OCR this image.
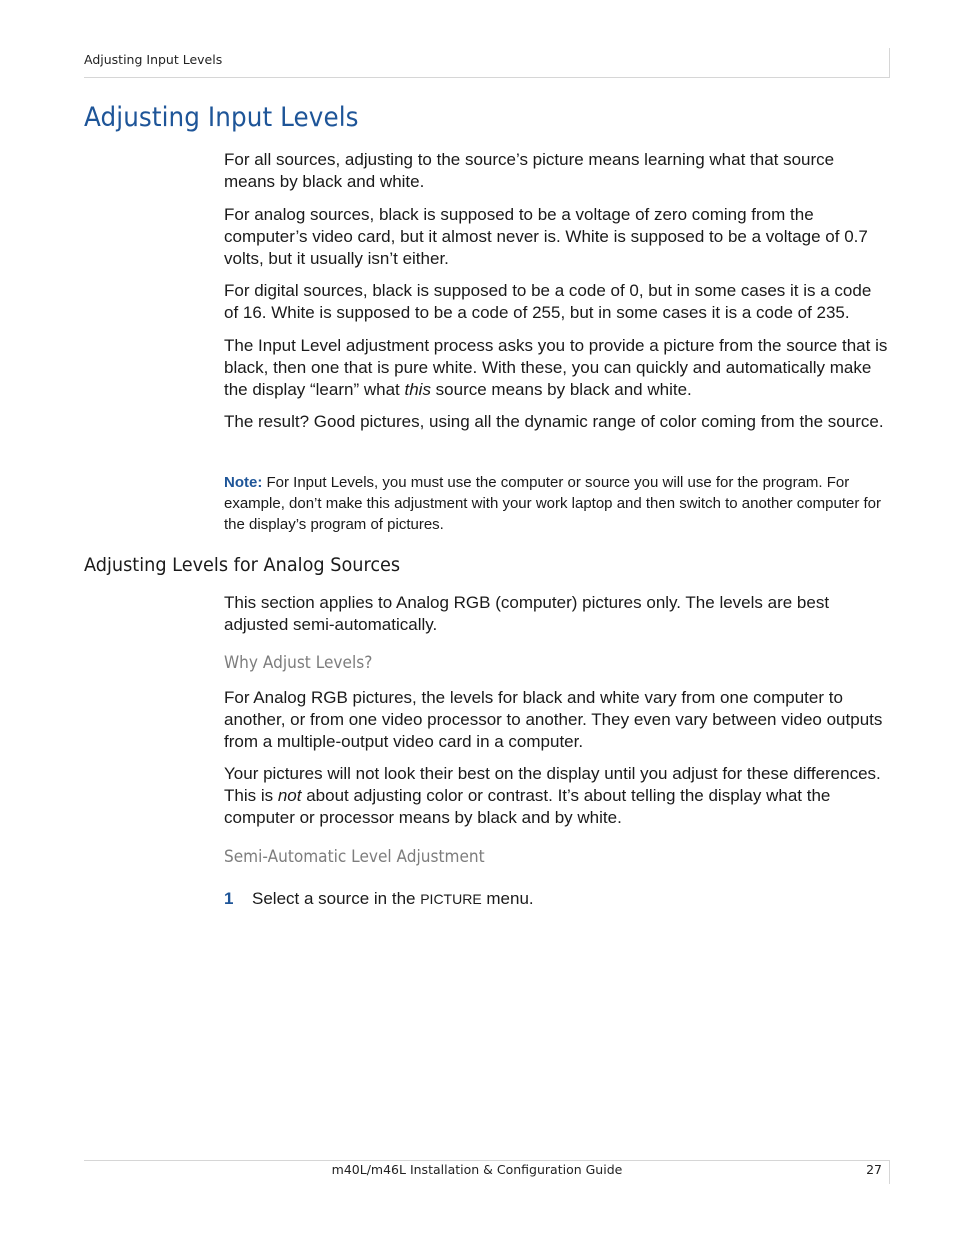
Adjusting Input Levels
Adjusting Input Levels

For all sources, adjusting to the source’s picture means learning what that source means by black and white.

For analog sources, black is supposed to be a voltage of zero coming from the computer’s video card, but it almost never is. White is supposed to be a voltage of 0.7 volts, but it usually isn’t either.

For digital sources, black is supposed to be a code of 0, but in some cases it is a code of 16. White is supposed to be a code of 255, but in some cases it is a code of 235.

The Input Level adjustment process asks you to provide a picture from the source that is black, then one that is pure white. With these, you can quickly and automatically make the display “learn” what this source means by black and white.

The result? Good pictures, using all the dynamic range of color coming from the source.

Note: For Input Levels, you must use the computer or source you will use for the program. For example, don’t make this adjustment with your work laptop and then switch to another computer for the display’s program of pictures.

Adjusting Levels for Analog Sources

This section applies to Analog RGB (computer) pictures only. The levels are best adjusted semi-automatically.

Why Adjust Levels?

For Analog RGB pictures, the levels for black and white vary from one computer to another, or from one video processor to another. They even vary between video outputs from a multiple-output video card in a computer.

Your pictures will not look their best on the display until you adjust for these differences. This is not about adjusting color or contrast. It’s about telling the display what the computer or processor means by black and by white.

Semi-Automatic Level Adjustment

1 Select a source in the PICTURE menu.

m40L/m46L Installation & Configuration Guide	27
